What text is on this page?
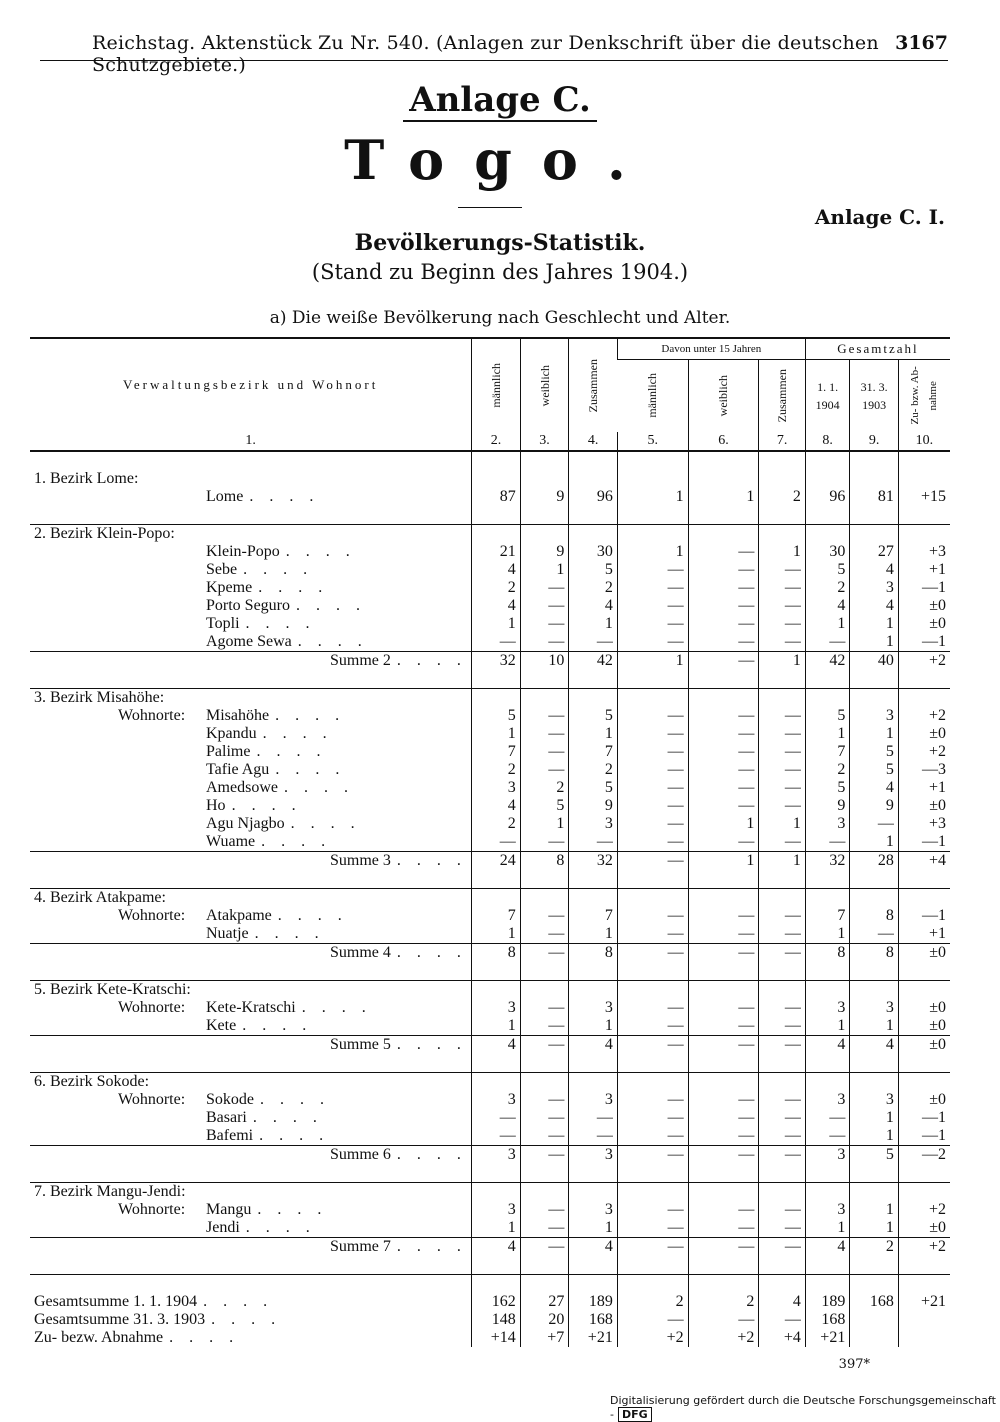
Reichstag. Aktenstück Zu Nr. 540. (Anlagen zur Denkschrift über die deutschen Schutzgebiete.)
3167
Anlage C.
Togo.
Anlage C. I.
Bevölkerungs-Statistik.
(Stand zu Beginn des Jahres 1904.)
a) Die weiße Bevölkerung nach Geschlecht und Alter.
Verwaltungsbezirk und Wohnort	männlich	weiblich	Zusammen	Davon unter 15 Jahren			Gesamtzahl		

				männlich	weiblich	Zusammen	1. 1. 1904	31. 3. 1903	Zu- bzw. Ab- nahme

1.	2.	3.	4.	5.	6.	7.	8.	9.	10.

1. Bezirk Lome:									
Lome . . . .	87	9	96	1	1	2	96	81	+15

2. Bezirk Klein-Popo:									
Klein-Popo . . . .	21	9	30	1	—	1	30	27	+3
Sebe . . . .	4	1	5	—	—	—	5	4	+1
Kpeme . . . .	2	—	2	—	—	—	2	3	—1
Porto Seguro . . . .	4	—	4	—	—	—	4	4	±0
Topli . . . .	1	—	1	—	—	—	1	1	±0
Agome Sewa . . . .	—	—	—	—	—	—	—	1	—1
Summe 2 . . . .	32	10	42	1	—	1	42	40	+2

3. Bezirk Misahöhe:									
Wohnorte: Misahöhe . . . .	5	—	5	—	—	—	5	3	+2
Kpandu . . . .	1	—	1	—	—	—	1	1	±0
Palime . . . .	7	—	7	—	—	—	7	5	+2
Tafie Agu . . . .	2	—	2	—	—	—	2	5	—3
Amedsowe . . . .	3	2	5	—	—	—	5	4	+1
Ho . . . .	4	5	9	—	—	—	9	9	±0
Agu Njagbo . . . .	2	1	3	—	1	1	3	—	+3
Wuame . . . .	—	—	—	—	—	—	—	1	—1
Summe 3 . . . .	24	8	32	—	1	1	32	28	+4

4. Bezirk Atakpame:									
Wohnorte: Atakpame . . . .	7	—	7	—	—	—	7	8	—1
Nuatje . . . .	1	—	1	—	—	—	1	—	+1
Summe 4 . . . .	8	—	8	—	—	—	8	8	±0

5. Bezirk Kete-Kratschi:									
Wohnorte: Kete-Kratschi . . . .	3	—	3	—	—	—	3	3	±0
Kete . . . .	1	—	1	—	—	—	1	1	±0
Summe 5 . . . .	4	—	4	—	—	—	4	4	±0

6. Bezirk Sokode:									
Wohnorte: Sokode . . . .	3	—	3	—	—	—	3	3	±0
Basari . . . .	—	—	—	—	—	—	—	1	—1
Bafemi . . . .	—	—	—	—	—	—	—	1	—1
Summe 6 . . . .	3	—	3	—	—	—	3	5	—2

7. Bezirk Mangu-Jendi:									
Wohnorte: Mangu . . . .	3	—	3	—	—	—	3	1	+2
Jendi . . . .	1	—	1	—	—	—	1	1	±0
Summe 7 . . . .	4	—	4	—	—	—	4	2	+2

Gesamtsumme 1. 1. 1904 . . . .	162	27	189	2	2	4	189	168	+21
Gesamtsumme 31. 3. 1903 . . . .	148	20	168	—	—	—	168		
Zu- bezw. Abnahme . . . .	+14	+7	+21	+2	+2	+4	+21		
397*
Digitalisierung gefördert durch die Deutsche Forschungsgemeinschaft - DFG
